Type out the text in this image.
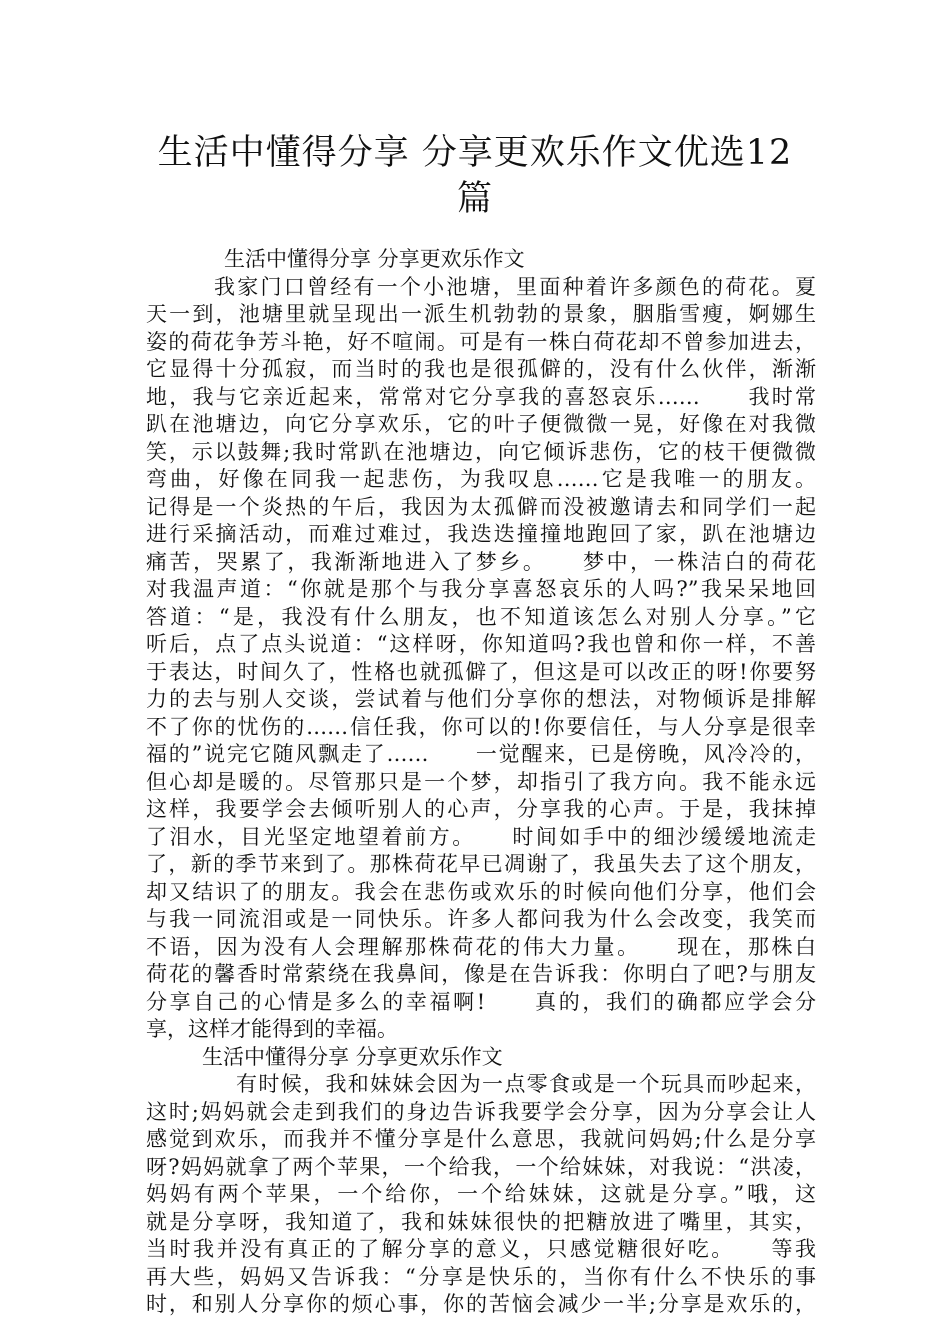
生活中懂得分享 分享更欢乐作文优选12
篇
生活中懂得分享 分享更欢乐作文
我家门口曾经有一个小池塘，里面种着许多颜色的荷花。夏
天一到，池塘里就呈现出一派生机勃勃的景象，胭脂雪瘦，婀娜生
姿的荷花争芳斗艳，好不喧闹。可是有一株白荷花却不曾参加进去，
它显得十分孤寂，而当时的我也是很孤僻的，没有什么伙伴，渐渐
地，我与它亲近起来，常常对它分享我的喜怒哀乐……　　我时常
趴在池塘边，向它分享欢乐，它的叶子便微微一晃，好像在对我微
笑，示以鼓舞;我时常趴在池塘边，向它倾诉悲伤，它的枝干便微微
弯曲，好像在同我一起悲伤，为我叹息……它是我唯一的朋友。
记得是一个炎热的午后，我因为太孤僻而没被邀请去和同学们一起
进行采摘活动，而难过难过，我迭迭撞撞地跑回了家，趴在池塘边
痛苦，哭累了，我渐渐地进入了梦乡。　　梦中，一株洁白的荷花
对我温声道：“你就是那个与我分享喜怒哀乐的人吗?”我呆呆地回
答道：“是，我没有什么朋友，也不知道该怎么对别人分享。”它
听后，点了点头说道：“这样呀，你知道吗?我也曾和你一样，不善
于表达，时间久了，性格也就孤僻了，但这是可以改正的呀!你要努
力的去与别人交谈，尝试着与他们分享你的想法，对物倾诉是排解
不了你的忧伤的……信任我，你可以的!你要信任，与人分享是很幸
福的”说完它随风飘走了……　　一觉醒来，已是傍晚，风冷冷的，
但心却是暖的。尽管那只是一个梦，却指引了我方向。我不能永远
这样，我要学会去倾听别人的心声，分享我的心声。于是，我抹掉
了泪水，目光坚定地望着前方。　　时间如手中的细沙缓缓地流走
了，新的季节来到了。那株荷花早已凋谢了，我虽失去了这个朋友，
却又结识了的朋友。我会在悲伤或欢乐的时候向他们分享，他们会
与我一同流泪或是一同快乐。许多人都问我为什么会改变，我笑而
不语，因为没有人会理解那株荷花的伟大力量。　　现在，那株白
荷花的馨香时常萦绕在我鼻间，像是在告诉我：你明白了吧?与朋友
分享自己的心情是多么的幸福啊!　　真的，我们的确都应学会分
享，这样才能得到的幸福。
生活中懂得分享 分享更欢乐作文
有时候，我和妹妹会因为一点零食或是一个玩具而吵起来，
这时;妈妈就会走到我们的身边告诉我要学会分享，因为分享会让人
感觉到欢乐，而我并不懂分享是什么意思，我就问妈妈;什么是分享
呀?妈妈就拿了两个苹果，一个给我，一个给妹妹，对我说：“洪凌，
妈妈有两个苹果，一个给你，一个给妹妹，这就是分享。”哦，这
就是分享呀，我知道了，我和妹妹很快的把糖放进了嘴里，其实，
当时我并没有真正的了解分享的意义，只感觉糖很好吃。　　等我
再大些，妈妈又告诉我：“分享是快乐的，当你有什么不快乐的事
时，和别人分享你的烦心事，你的苦恼会减少一半;分享是欢乐的，
